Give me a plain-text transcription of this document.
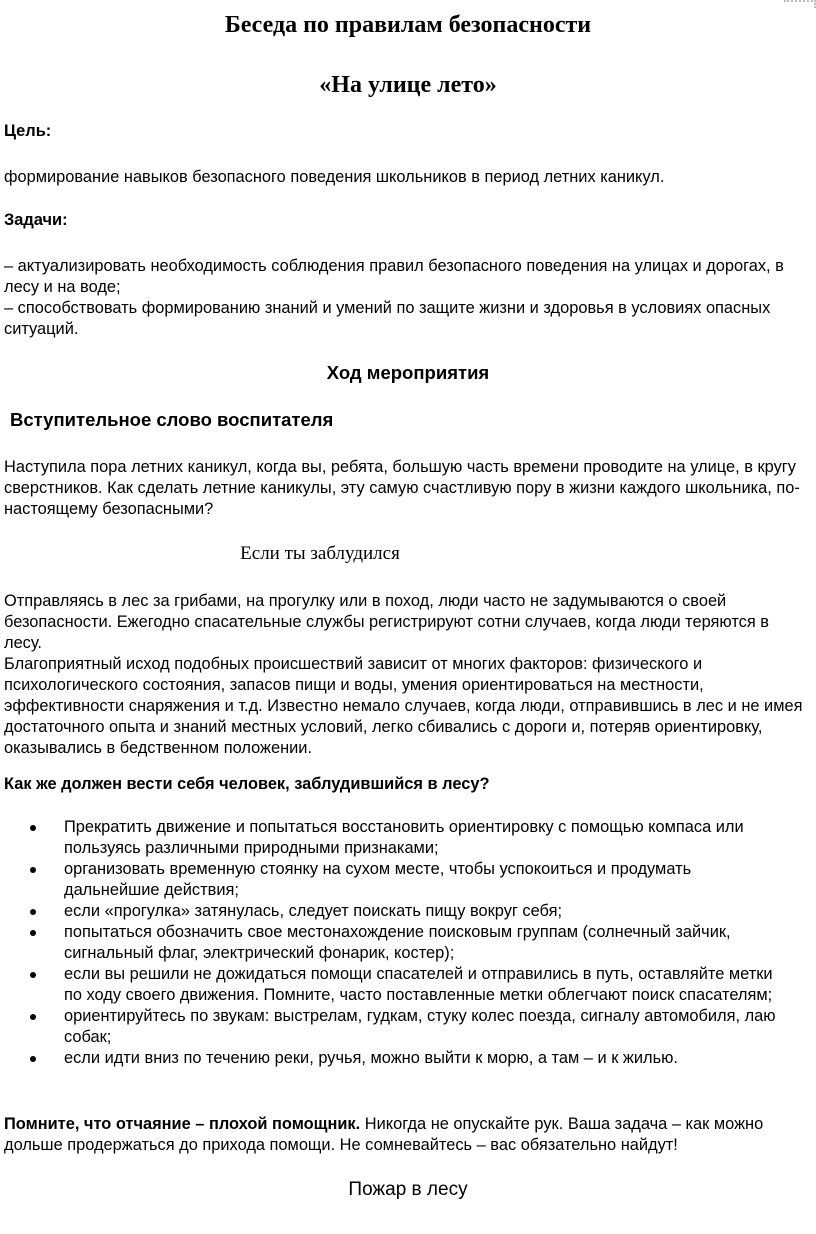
Беседа по правилам безопасности
«На улице лето»
Цель:
формирование навыков безопасного поведения школьников в период летних каникул.
Задачи:

– актуализировать необходимость соблюдения правил безопасного поведения на улицах и дорогах, в лесу и на воде;

– способствовать формированию знаний и умений по защите жизни и здоровья в условиях опасных ситуаций.

Ход мероприятия
Вступительное слово воспитателя
Наступила пора летних каникул, когда вы, ребята, большую часть времени проводите на улице, в кругу сверстников. Как сделать летние каникулы, эту самую счастливую пору в жизни каждого школьника, по-настоящему безопасными?
Если ты заблудился

Отправляясь в лес за грибами, на прогулку или в поход, люди часто не задумываются о своей безопасности. Ежегодно спасательные службы регистрируют сотни случаев, когда люди теряются в лесу.

Благоприятный исход подобных происшествий зависит от многих факторов: физического и психологического состояния, запасов пищи и воды, умения ориентироваться на местности, эффективности снаряжения и т.д. Известно немало случаев, когда люди, отправившись в лес и не имея достаточного опыта и знаний местных условий, легко сбивались с дороги и, потеряв ориентировку, оказывались в бедственном положении.

Как же должен вести себя человек, заблудившийся в лесу?
Прекратить движение и попытаться восстановить ориентировку с помощью компаса или пользуясь различными природными признаками;
организовать временную стоянку на сухом месте, чтобы успокоиться и продумать дальнейшие действия;
если «прогулка» затянулась, следует поискать пищу вокруг себя;
попытаться обозначить свое местонахождение поисковым группам (солнечный зайчик, сигнальный флаг, электрический фонарик, костер);
если вы решили не дожидаться помощи спасателей и отправились в путь, оставляйте метки по ходу своего движения. Помните, часто поставленные метки облегчают поиск спасателям;
ориентируйтесь по звукам: выстрелам, гудкам, стуку колес поезда, сигналу автомобиля, лаю собак;
если идти вниз по течению реки, ручья, можно выйти к морю, а там – и к жилью.
Помните, что отчаяние – плохой помощник. Никогда не опускайте рук. Ваша задача – как можно дольше продержаться до прихода помощи. Не сомневайтесь – вас обязательно найдут!
Пожар в лесу
